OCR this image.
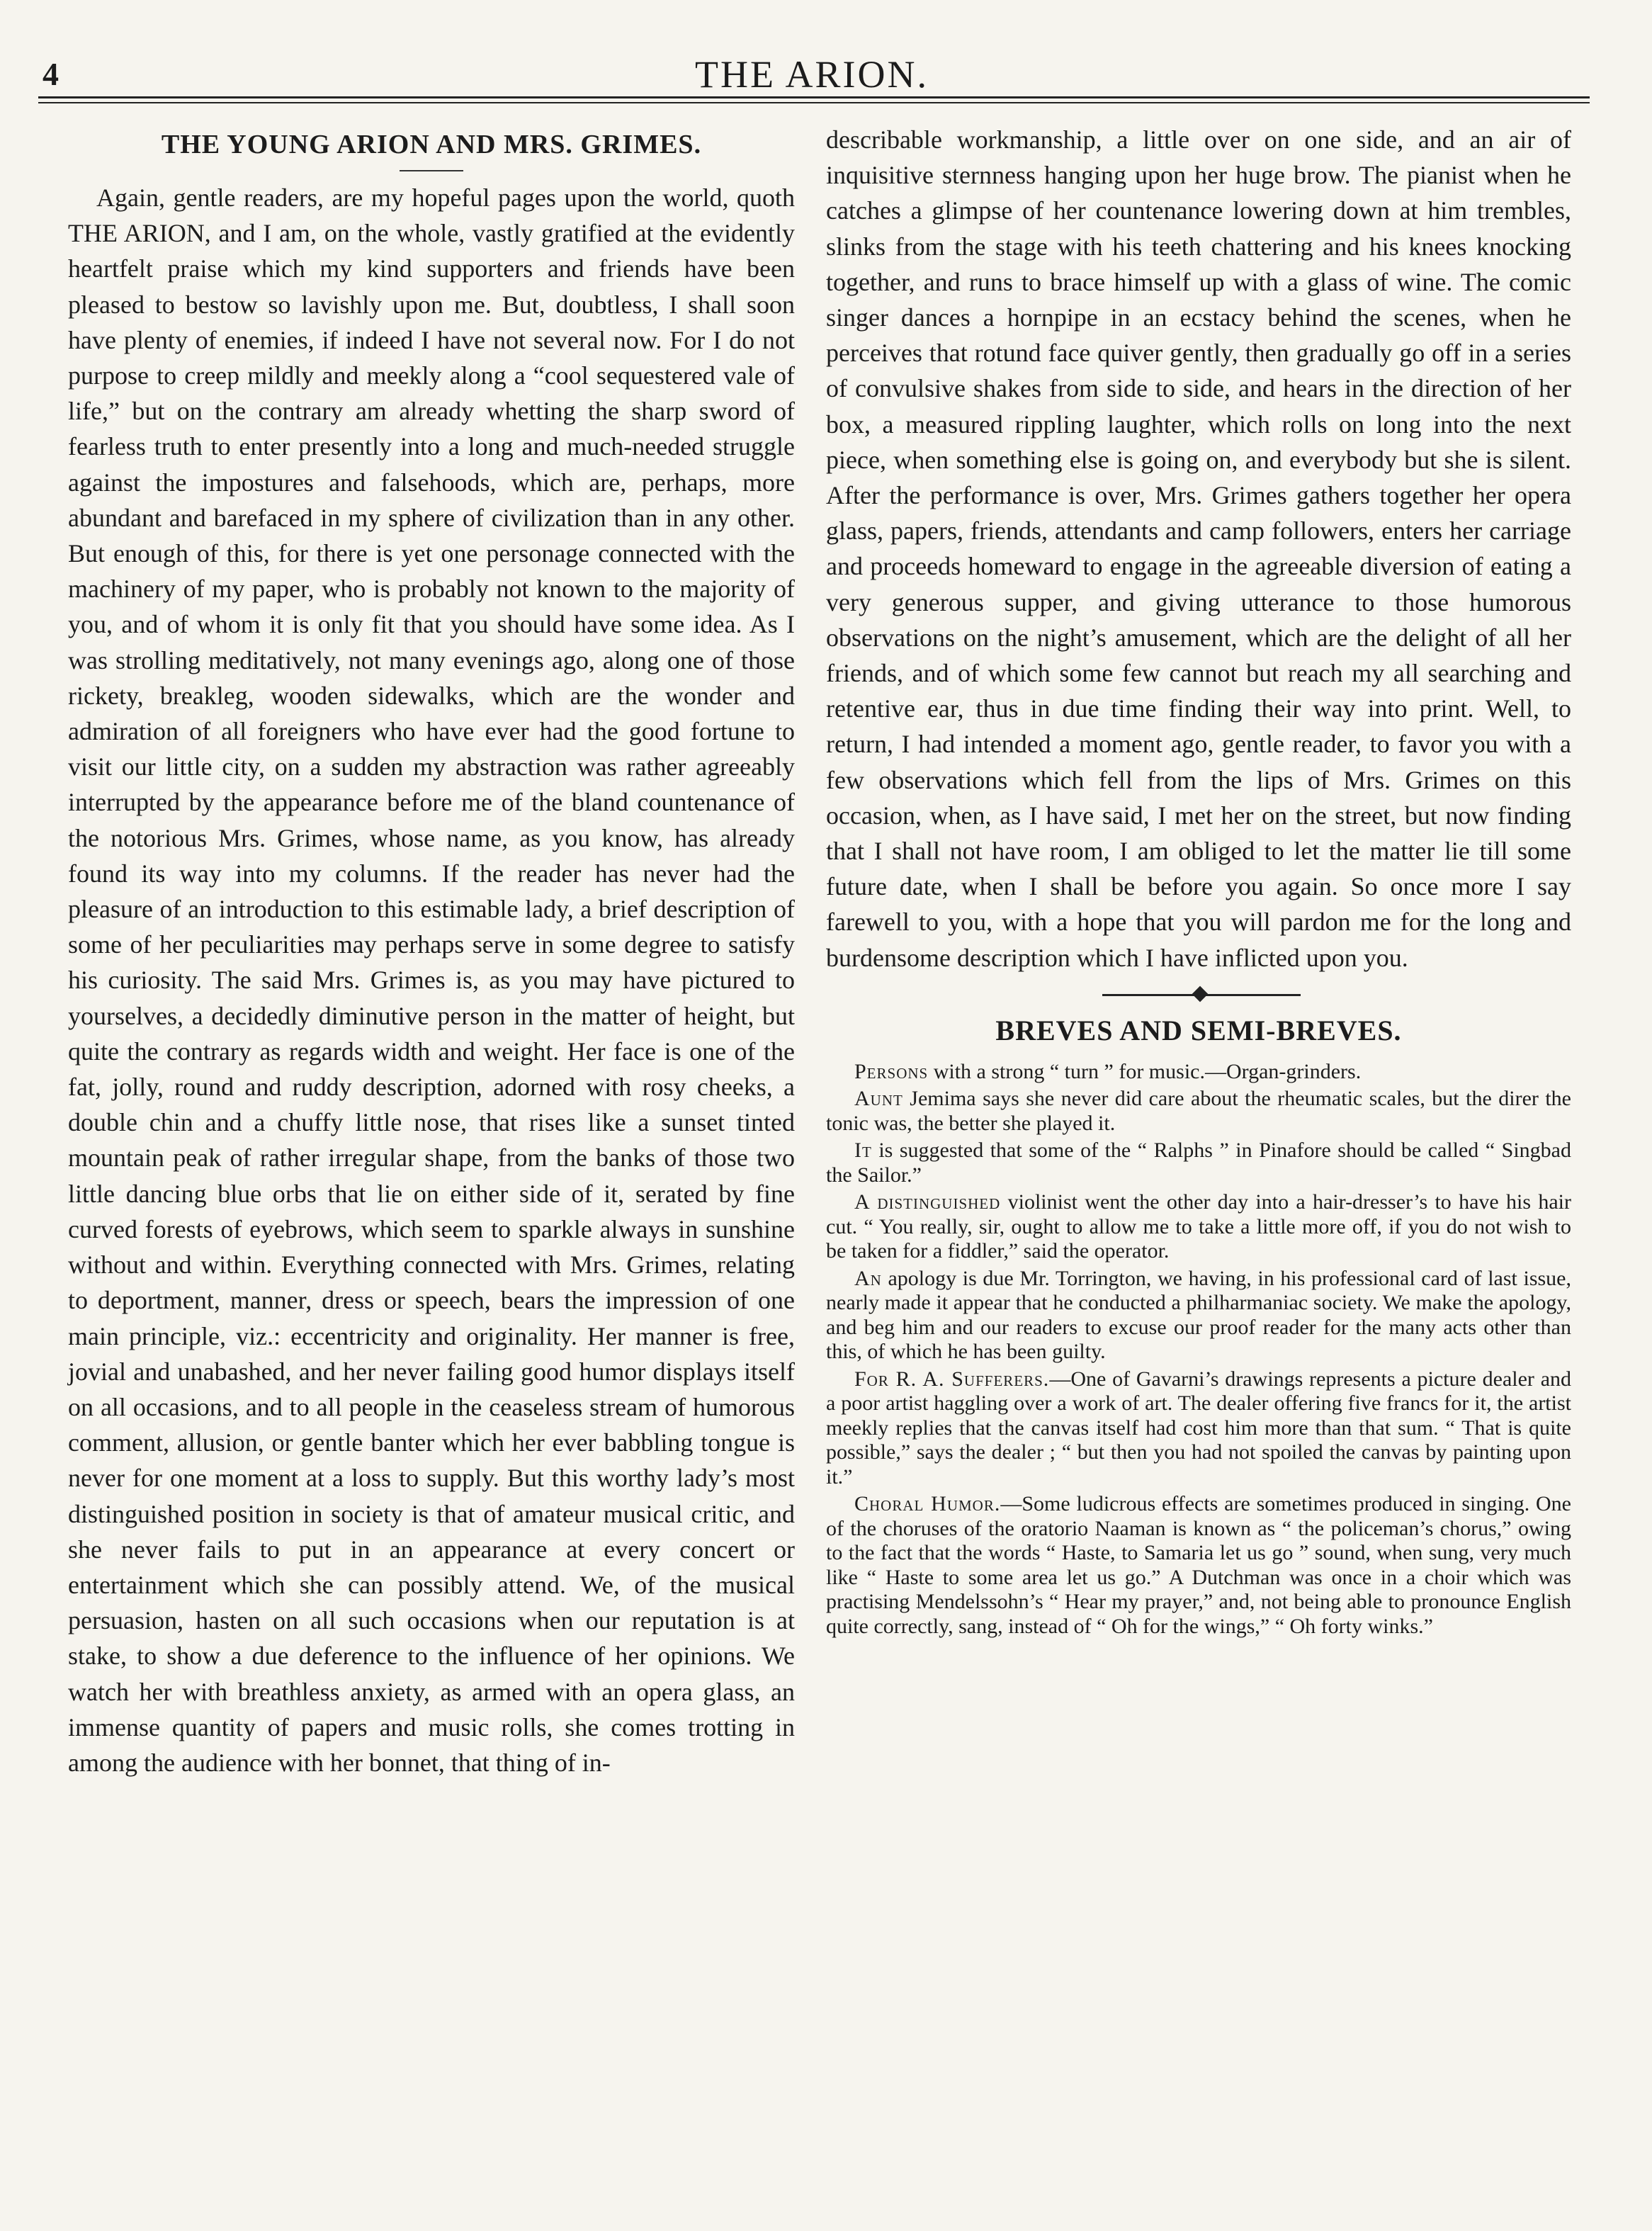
4	THE ARION.
THE YOUNG ARION AND MRS. GRIMES.

Again, gentle readers, are my hopeful pages upon the world, quoth THE ARION, and I am, on the whole, vastly gratified at the evidently heartfelt praise which my kind supporters and friends have been pleased to bestow so lavishly upon me. But, doubtless, I shall soon have plenty of enemies, if indeed I have not several now. For I do not purpose to creep mildly and meekly along a “cool sequestered vale of life,” but on the contrary am already whetting the sharp sword of fearless truth to enter presently into a long and much-needed struggle against the impostures and falsehoods, which are, perhaps, more abundant and barefaced in my sphere of civilization than in any other. But enough of this, for there is yet one personage connected with the machinery of my paper, who is probably not known to the majority of you, and of whom it is only fit that you should have some idea. As I was strolling meditatively, not many evenings ago, along one of those rickety, breakleg, wooden sidewalks, which are the wonder and admiration of all foreigners who have ever had the good fortune to visit our little city, on a sudden my abstraction was rather agreeably interrupted by the appearance before me of the bland countenance of the notorious Mrs. Grimes, whose name, as you know, has already found its way into my columns. If the reader has never had the pleasure of an introduction to this estimable lady, a brief description of some of her peculiarities may perhaps serve in some degree to satisfy his curiosity. The said Mrs. Grimes is, as you may have pictured to yourselves, a decidedly diminutive person in the matter of height, but quite the contrary as regards width and weight. Her face is one of the fat, jolly, round and ruddy description, adorned with rosy cheeks, a double chin and a chuffy little nose, that rises like a sunset tinted mountain peak of rather irregular shape, from the banks of those two little dancing blue orbs that lie on either side of it, serated by fine curved forests of eyebrows, which seem to sparkle always in sunshine without and within. Everything connected with Mrs. Grimes, relating to deportment, manner, dress or speech, bears the impression of one main principle, viz.: eccentricity and originality. Her manner is free, jovial and unabashed, and her never failing good humor displays itself on all occasions, and to all people in the ceaseless stream of humorous comment, allusion, or gentle banter which her ever babbling tongue is never for one moment at a loss to supply. But this worthy lady’s most distinguished position in society is that of amateur musical critic, and she never fails to put in an appearance at every concert or entertainment which she can possibly attend. We, of the musical persuasion, hasten on all such occasions when our reputation is at stake, to show a due deference to the influence of her opinions. We watch her with breathless anxiety, as armed with an opera glass, an immense quantity of papers and music rolls, she comes trotting in among the audience with her bonnet, that thing of in-

describable workmanship, a little over on one side, and an air of inquisitive sternness hanging upon her huge brow. The pianist when he catches a glimpse of her countenance lowering down at him trembles, slinks from the stage with his teeth chattering and his knees knocking together, and runs to brace himself up with a glass of wine. The comic singer dances a hornpipe in an ecstacy behind the scenes, when he perceives that rotund face quiver gently, then gradually go off in a series of convulsive shakes from side to side, and hears in the direction of her box, a measured rippling laughter, which rolls on long into the next piece, when something else is going on, and everybody but she is silent. After the performance is over, Mrs. Grimes gathers together her opera glass, papers, friends, attendants and camp followers, enters her carriage and proceeds homeward to engage in the agreeable diversion of eating a very generous supper, and giving utterance to those humorous observations on the night’s amusement, which are the delight of all her friends, and of which some few cannot but reach my all searching and retentive ear, thus in due time finding their way into print. Well, to return, I had intended a moment ago, gentle reader, to favor you with a few observations which fell from the lips of Mrs. Grimes on this occasion, when, as I have said, I met her on the street, but now finding that I shall not have room, I am obliged to let the matter lie till some future date, when I shall be before you again. So once more I say farewell to you, with a hope that you will pardon me for the long and burdensome description which I have inflicted upon you.

BREVES AND SEMI-BREVES.

Persons with a strong “ turn ” for music.—Organ-grinders.

Aunt Jemima says she never did care about the rheumatic scales, but the direr the tonic was, the better she played it.

It is suggested that some of the “ Ralphs ” in Pinafore should be called “ Singbad the Sailor.”

A distinguished violinist went the other day into a hair-dresser’s to have his hair cut. “ You really, sir, ought to allow me to take a little more off, if you do not wish to be taken for a fiddler,” said the operator.

An apology is due Mr. Torrington, we having, in his professional card of last issue, nearly made it appear that he conducted a philharmaniac society. We make the apology, and beg him and our readers to excuse our proof reader for the many acts other than this, of which he has been guilty.

For R. A. Sufferers.—One of Gavarni’s drawings represents a picture dealer and a poor artist haggling over a work of art. The dealer offering five francs for it, the artist meekly replies that the canvas itself had cost him more than that sum. “ That is quite possible,” says the dealer ; “ but then you had not spoiled the canvas by painting upon it.”

Choral Humor.—Some ludicrous effects are sometimes produced in singing. One of the choruses of the oratorio Naaman is known as “ the policeman’s chorus,” owing to the fact that the words “ Haste, to Samaria let us go ” sound, when sung, very much like “ Haste to some area let us go.” A Dutchman was once in a choir which was practising Mendelssohn’s “ Hear my prayer,” and, not being able to pronounce English quite correctly, sang, instead of “ Oh for the wings,” “ Oh forty winks.”
